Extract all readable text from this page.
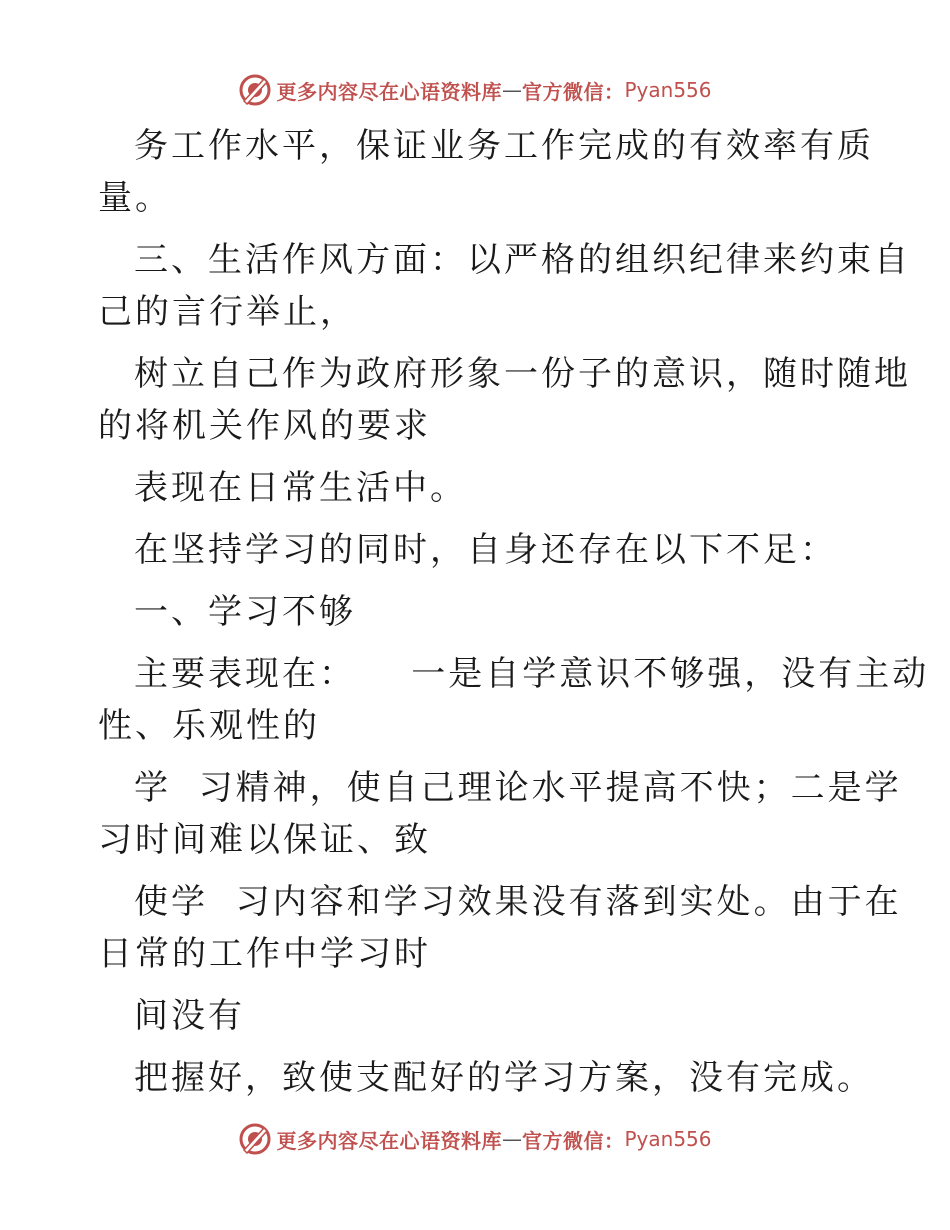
更多内容尽在心语资料库 — 官方微信： Pyan556
务工作水平，保证业务工作完成的有效率有质
量。
三、生活作风方面：以严格的组织纪律来约束自
己的言行举止，
树立自己作为政府形象一份子的意识，随时随地
的将机关作风的要求
表现在日常生活中。
在坚持学习的同时，自身还存在以下不足：
一、学习不够
主要表现在：    一是自学意识不够强，没有主动
性、乐观性的
学  习精神，使自己理论水平提高不快；二是学
习时间难以保证、致
使学  习内容和学习效果没有落到实处。由于在
日常的工作中学习时
间没有
把握好，致使支配好的学习方案，没有完成。
更多内容尽在心语资料库 — 官方微信： Pyan556
